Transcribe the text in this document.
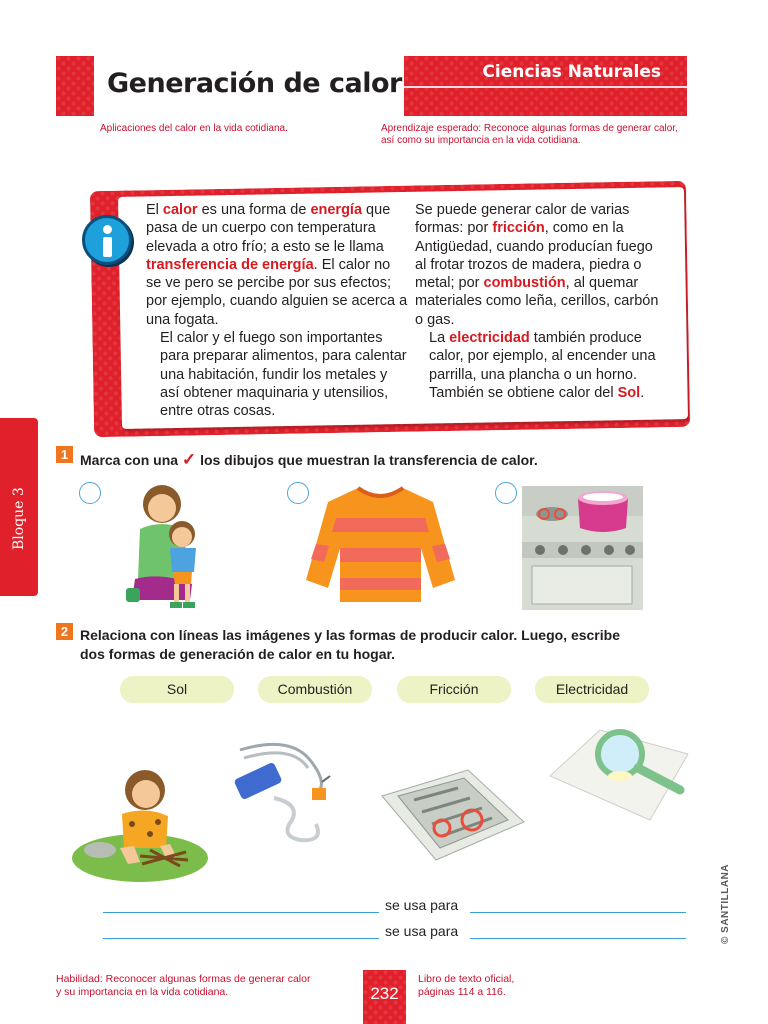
Generación de calor	Ciencias Naturales
Aplicaciones del calor en la vida cotidiana.	Aprendizaje esperado: Reconoce algunas formas de generar calor, así como su importancia en la vida cotidiana.
El calor es una forma de energía que pasa de un cuerpo con temperatura elevada a otro frío; a esto se le llama transferencia de energía. El calor no se ve pero se percibe por sus efectos; por ejemplo, cuando alguien se acerca a una fogata.
El calor y el fuego son importantes para preparar alimentos, para calentar una habitación, fundir los metales y así obtener maquinaria y utensilios, entre otras cosas.
Se puede generar calor de varias formas: por fricción, como en la Antigüedad, cuando producían fuego al frotar trozos de madera, piedra o metal; por combustión, al quemar materiales como leña, cerillos, carbón o gas.
La electricidad también produce calor, por ejemplo, al encender una parrilla, una plancha o un horno. También se obtiene calor del Sol.
Bloque 3
1 Marca con una ✓ los dibujos que muestran la transferencia de calor.
2 Relaciona con líneas las imágenes y las formas de producir calor. Luego, escribe
dos formas de generación de calor en tu hogar.
Sol	Combustión	Fricción	Electricidad
se usa para
se usa para
Habilidad: Reconocer algunas formas de generar calor
y su importancia en la vida cotidiana.	232
Libro de texto oficial,
páginas 114 a 116.
© SANTILLANA
